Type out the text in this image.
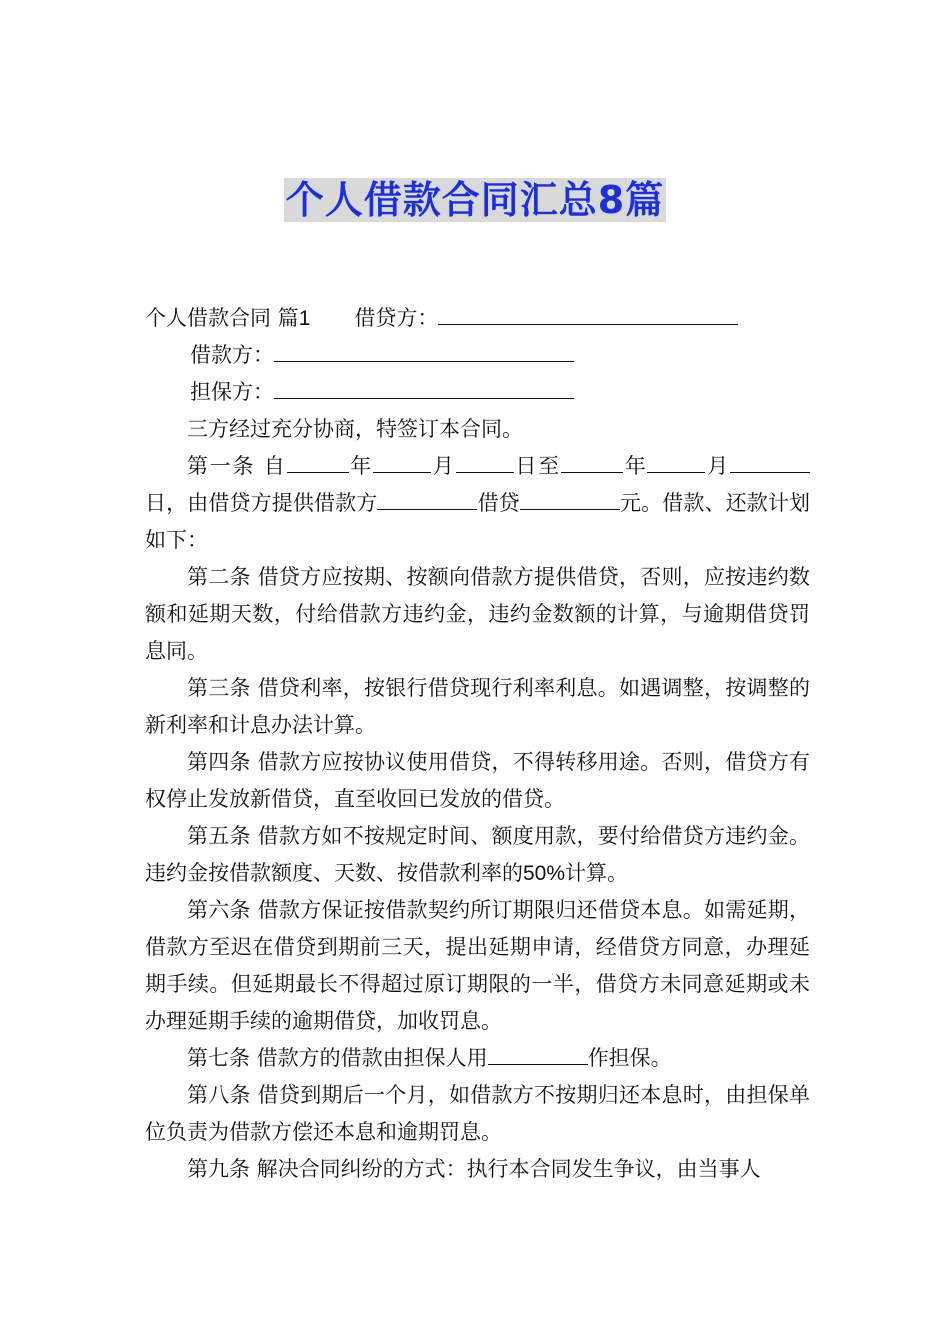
个人借款合同汇总8篇

个人借款合同 篇1 借贷方：

借款方：

担保方：

三方经过充分协商，特签订本合同。

第一条 自	年	月	日至	年	月日，由借贷方提供借款方	借贷	元。借款、还款计划如下：

第二条 借贷方应按期、按额向借款方提供借贷，否则，应按违约数额和延期天数，付给借款方违约金，违约金数额的计算，与逾期借贷罚息同。

第三条 借贷利率，按银行借贷现行利率利息。如遇调整，按调整的新利率和计息办法计算。

第四条 借款方应按协议使用借贷，不得转移用途。否则，借贷方有权停止发放新借贷，直至收回已发放的借贷。

第五条 借款方如不按规定时间、额度用款，要付给借贷方违约金。违约金按借款额度、天数、按借款利率的50%计算。

第六条 借款方保证按借款契约所订期限归还借贷本息。如需延期，借款方至迟在借贷到期前三天，提出延期申请，经借贷方同意，办理延期手续。但延期最长不得超过原订期限的一半，借贷方未同意延期或未办理延期手续的逾期借贷，加收罚息。

第七条 借款方的借款由担保人用	作担保。

第八条 借贷到期后一个月，如借款方不按期归还本息时，由担保单位负责为借款方偿还本息和逾期罚息。

第九条 解决合同纠纷的方式：执行本合同发生争议，由当事人
